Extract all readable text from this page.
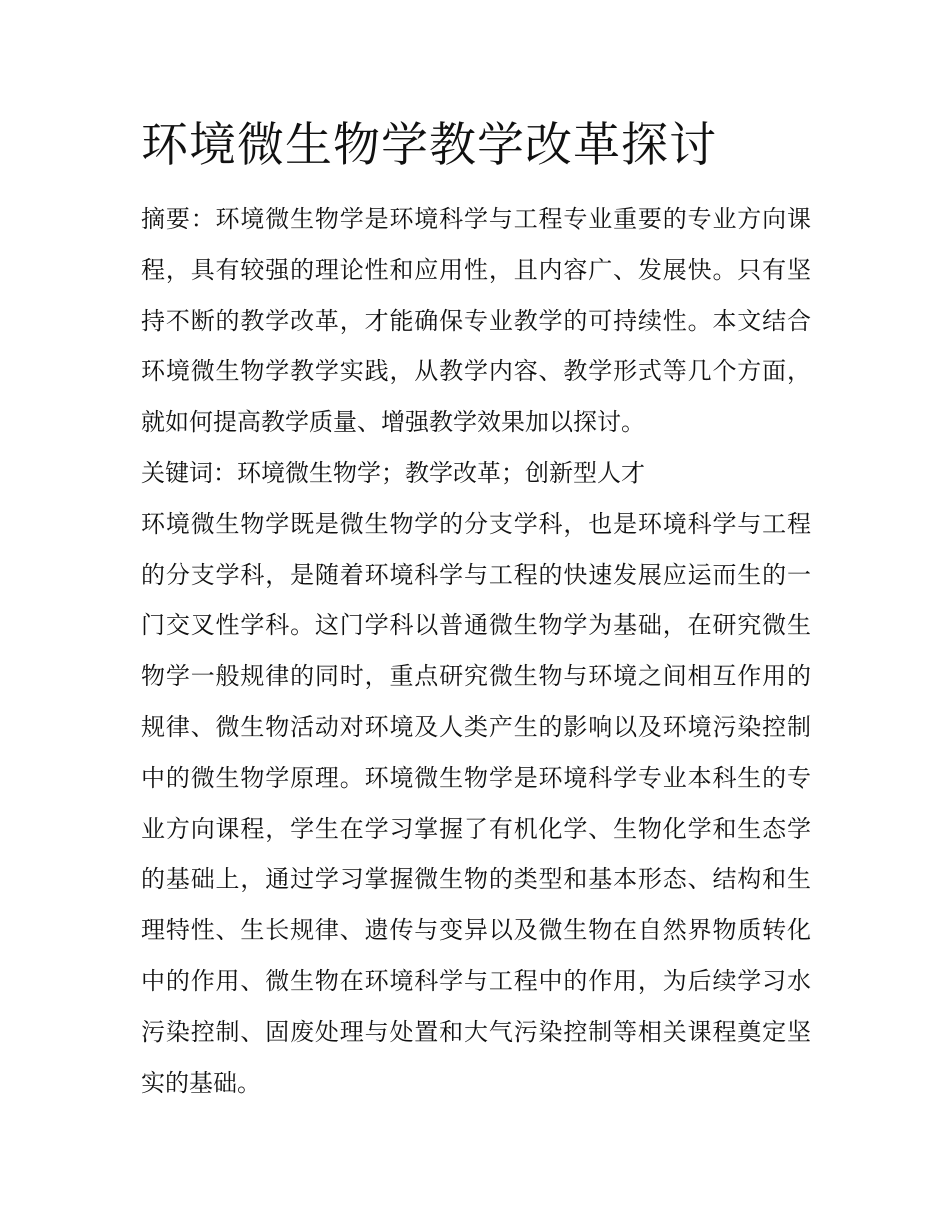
环境微生物学教学改革探讨

摘要：环境微生物学是环境科学与工程专业重要的专业方向课程，具有较强的理论性和应用性，且内容广、发展快。只有坚持不断的教学改革，才能确保专业教学的可持续性。本文结合环境微生物学教学实践，从教学内容、教学形式等几个方面，就如何提高教学质量、增强教学效果加以探讨。

关键词：环境微生物学；教学改革；创新型人才

环境微生物学既是微生物学的分支学科，也是环境科学与工程的分支学科，是随着环境科学与工程的快速发展应运而生的一门交叉性学科。这门学科以普通微生物学为基础，在研究微生物学一般规律的同时，重点研究微生物与环境之间相互作用的规律、微生物活动对环境及人类产生的影响以及环境污染控制中的微生物学原理。环境微生物学是环境科学专业本科生的专业方向课程，学生在学习掌握了有机化学、生物化学和生态学的基础上，通过学习掌握微生物的类型和基本形态、结构和生理特性、生长规律、遗传与变异以及微生物在自然界物质转化中的作用、微生物在环境科学与工程中的作用，为后续学习水污染控制、固废处理与处置和大气污染控制等相关课程奠定坚实的基础。
